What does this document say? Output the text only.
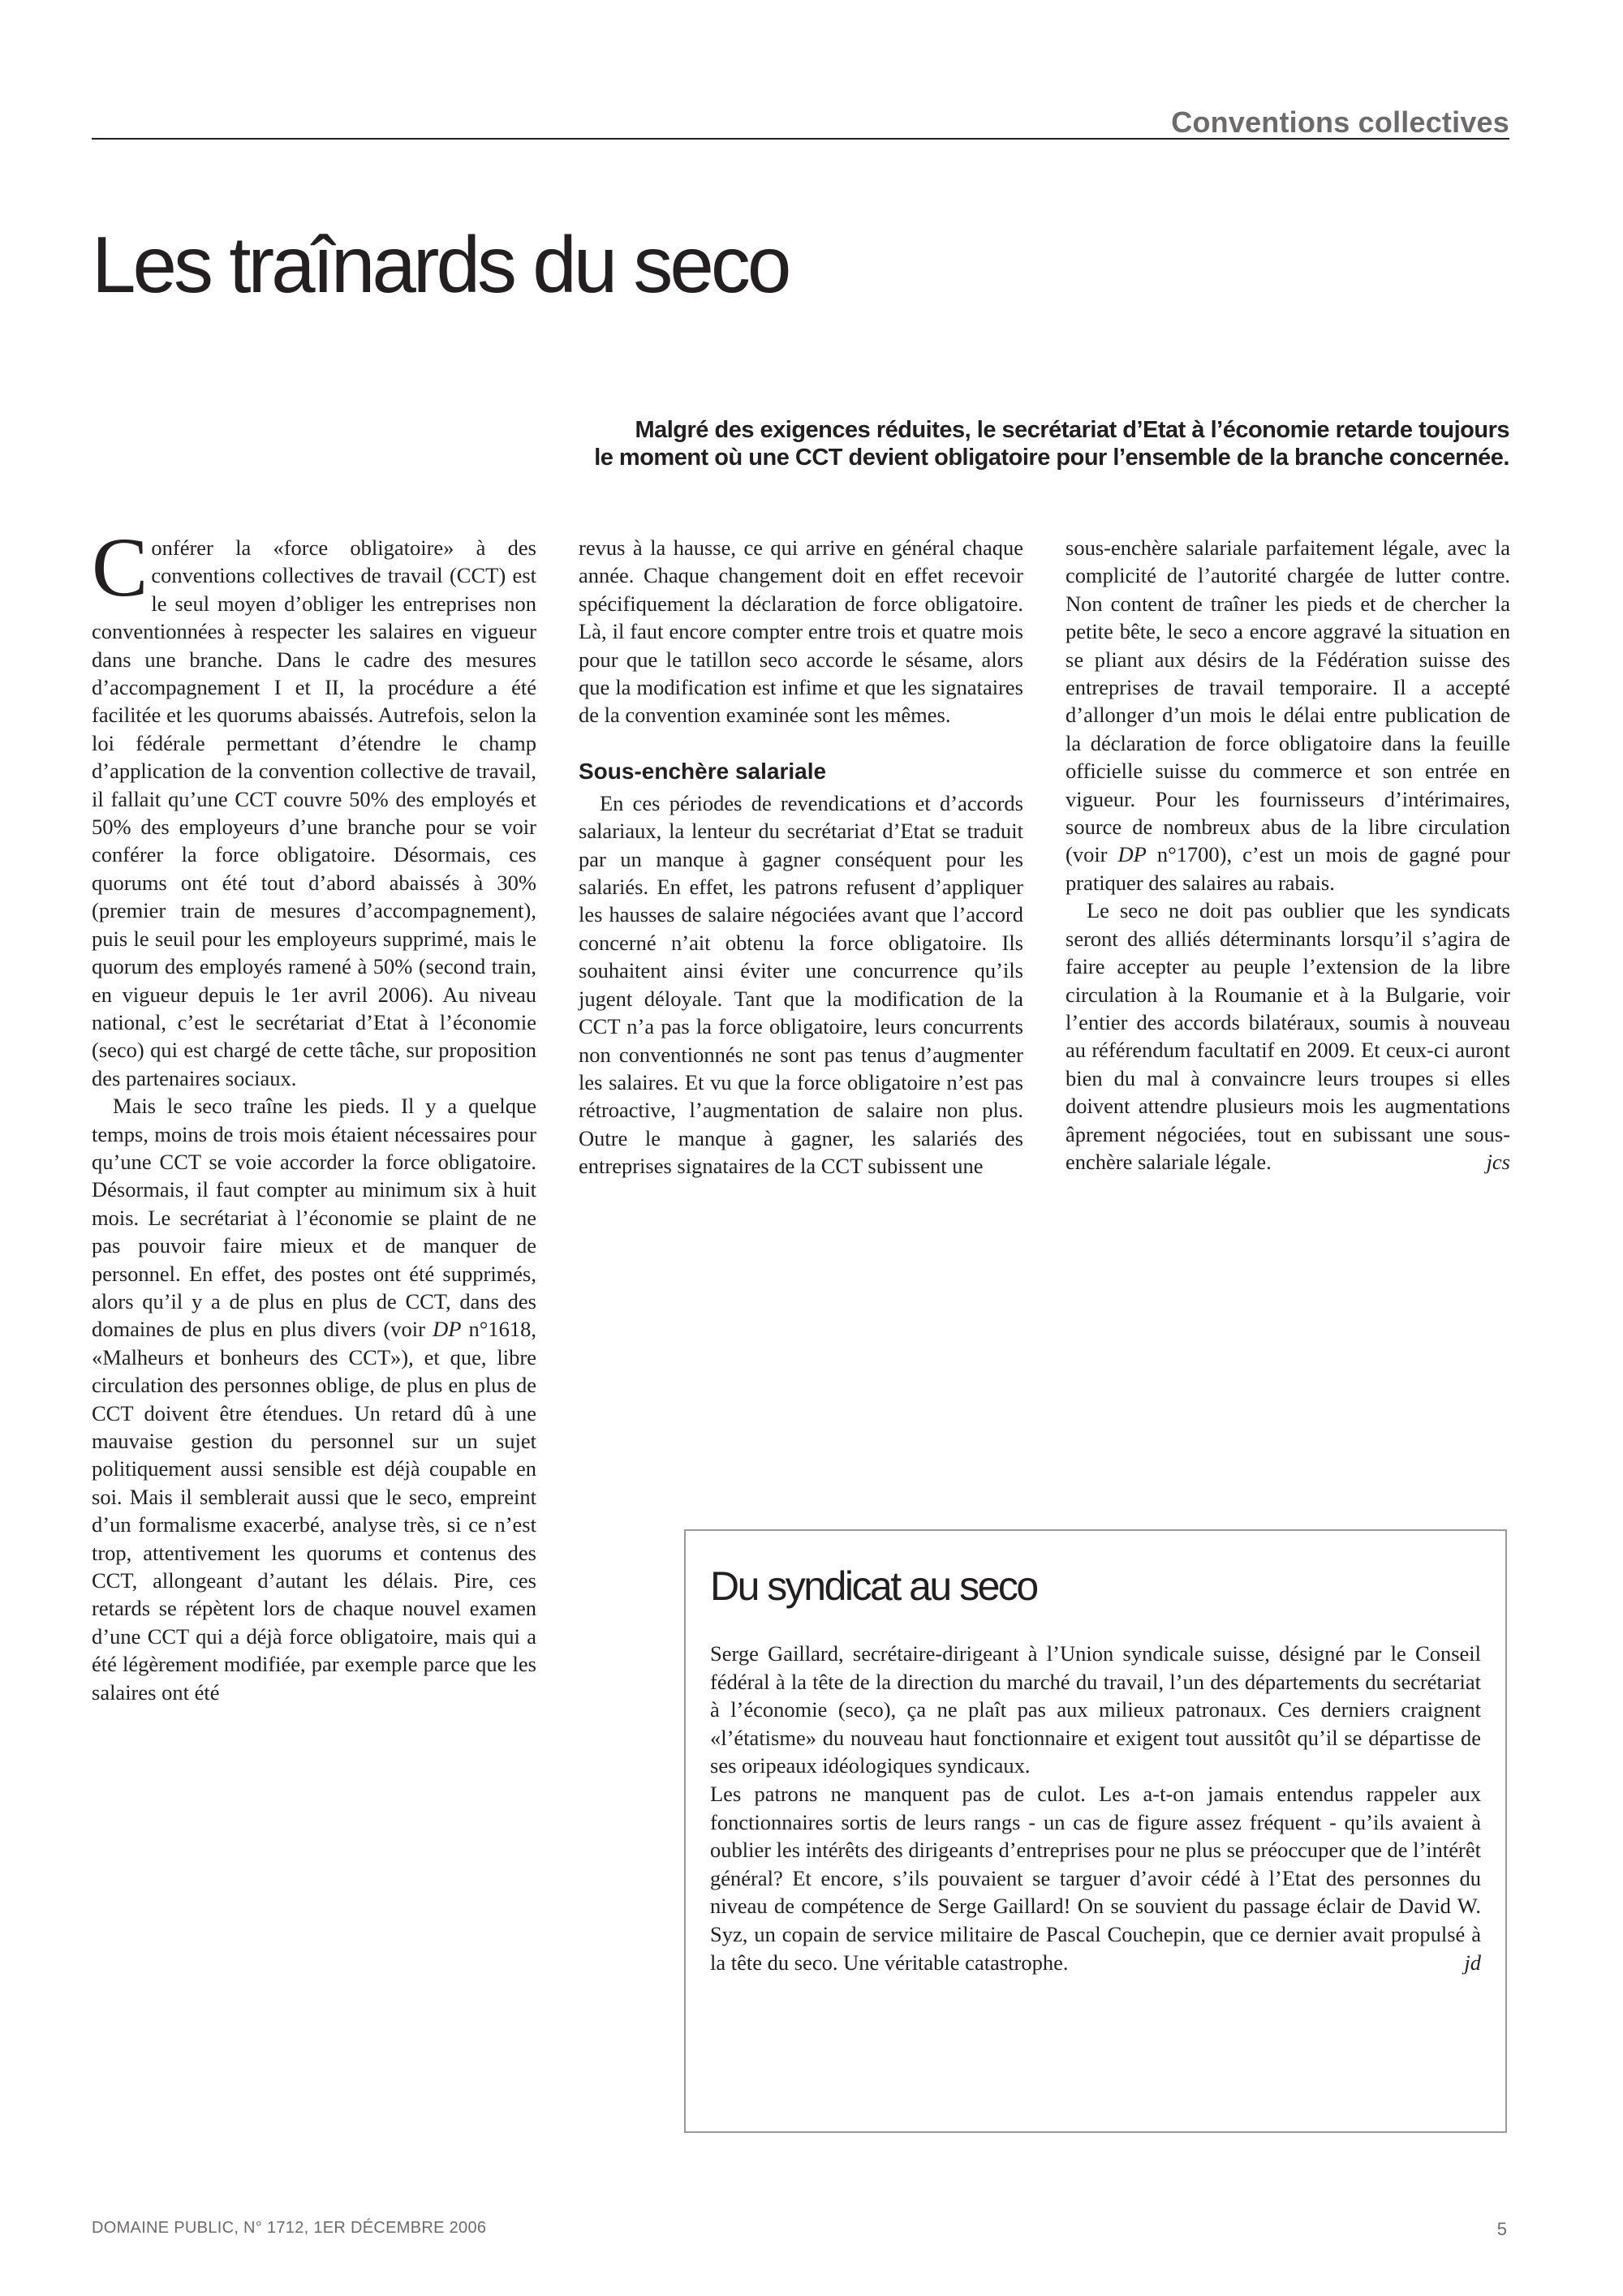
Conventions collectives
Les traînards du seco

Malgré des exigences réduites, le secrétariat d’Etat à l’économie retarde toujours
le moment où une CCT devient obligatoire pour l’ensemble de la branche concernée.

Conférer la «force obligatoire» à des conventions collectives de travail (CCT) est le seul moyen d’obliger les entreprises non conventionnées à respecter les salaires en vigueur dans une branche. Dans le cadre des mesures d’accompagnement I et II, la procédure a été facilitée et les quorums abaissés. Autrefois, selon la loi fédérale permettant d’étendre le champ d’application de la convention collective de travail, il fallait qu’une CCT couvre 50% des employés et 50% des employeurs d’une branche pour se voir conférer la force obligatoire. Désormais, ces quorums ont été tout d’abord abaissés à 30% (premier train de mesures d’accompagnement), puis le seuil pour les employeurs supprimé, mais le quorum des employés ramené à 50% (second train, en vigueur depuis le 1er avril 2006). Au niveau national, c’est le secrétariat d’Etat à l’économie (seco) qui est chargé de cette tâche, sur proposition des partenaires sociaux.

Mais le seco traîne les pieds. Il y a quelque temps, moins de trois mois étaient nécessaires pour qu’une CCT se voie accorder la force obligatoire. Désormais, il faut compter au minimum six à huit mois. Le secrétariat à l’économie se plaint de ne pas pouvoir faire mieux et de manquer de personnel. En effet, des postes ont été supprimés, alors qu’il y a de plus en plus de CCT, dans des domaines de plus en plus divers (voir DP n°1618, «Malheurs et bonheurs des CCT»), et que, libre circulation des personnes oblige, de plus en plus de CCT doivent être étendues. Un retard dû à une mauvaise gestion du personnel sur un sujet politiquement aussi sensible est déjà coupable en soi. Mais il semblerait aussi que le seco, empreint d’un formalisme exacerbé, analyse très, si ce n’est trop, attentivement les quorums et contenus des CCT, allongeant d’autant les délais. Pire, ces retards se répètent lors de chaque nouvel examen d’une CCT qui a déjà force obligatoire, mais qui a été légèrement modifiée, par exemple parce que les salaires ont été

revus à la hausse, ce qui arrive en général chaque année. Chaque changement doit en effet recevoir spécifiquement la déclaration de force obligatoire. Là, il faut encore compter entre trois et quatre mois pour que le tatillon seco accorde le sésame, alors que la modification est infime et que les signataires de la convention examinée sont les mêmes.

Sous-enchère salariale

En ces périodes de revendications et d’accords salariaux, la lenteur du secrétariat d’Etat se traduit par un manque à gagner conséquent pour les salariés. En effet, les patrons refusent d’appliquer les hausses de salaire négociées avant que l’accord concerné n’ait obtenu la force obligatoire. Ils souhaitent ainsi éviter une concurrence qu’ils jugent déloyale. Tant que la modification de la CCT n’a pas la force obligatoire, leurs concurrents non conventionnés ne sont pas tenus d’augmenter les salaires. Et vu que la force obligatoire n’est pas rétroactive, l’augmentation de salaire non plus. Outre le manque à gagner, les salariés des entreprises signataires de la CCT subissent une

sous-enchère salariale parfaitement légale, avec la complicité de l’autorité chargée de lutter contre. Non content de traîner les pieds et de chercher la petite bête, le seco a encore aggravé la situation en se pliant aux désirs de la Fédération suisse des entreprises de travail temporaire. Il a accepté d’allonger d’un mois le délai entre publication de la déclaration de force obligatoire dans la feuille officielle suisse du commerce et son entrée en vigueur. Pour les fournisseurs d’intérimaires, source de nombreux abus de la libre circulation (voir DP n°1700), c’est un mois de gagné pour pratiquer des salaires au rabais.

Le seco ne doit pas oublier que les syndicats seront des alliés déterminants lorsqu’il s’agira de faire accepter au peuple l’extension de la libre circulation à la Roumanie et à la Bulgarie, voir l’entier des accords bilatéraux, soumis à nouveau au référendum facultatif en 2009. Et ceux-ci auront bien du mal à convaincre leurs troupes si elles doivent attendre plusieurs mois les augmentations âprement négociées, tout en subissant une sous-enchère salariale légale.	jcs

Du syndicat au seco

Serge Gaillard, secrétaire-dirigeant à l’Union syndicale suisse, désigné par le Conseil fédéral à la tête de la direction du marché du travail, l’un des départements du secrétariat à l’économie (seco), ça ne plaît pas aux milieux patronaux. Ces derniers craignent «l’étatisme» du nouveau haut fonctionnaire et exigent tout aussitôt qu’il se départisse de ses oripeaux idéologiques syndicaux.

Les patrons ne manquent pas de culot. Les a-t-on jamais entendus rappeler aux fonctionnaires sortis de leurs rangs - un cas de figure assez fréquent - qu’ils avaient à oublier les intérêts des dirigeants d’entreprises pour ne plus se préoccuper que de l’intérêt général? Et encore, s’ils pouvaient se targuer d’avoir cédé à l’Etat des personnes du niveau de compétence de Serge Gaillard! On se souvient du passage éclair de David W. Syz, un copain de service militaire de Pascal Couchepin, que ce dernier avait propulsé à la tête du seco. Une véritable catastrophe.	jd

DOMAINE PUBLIC, N° 1712, 1ER DÉCEMBRE 2006	5
